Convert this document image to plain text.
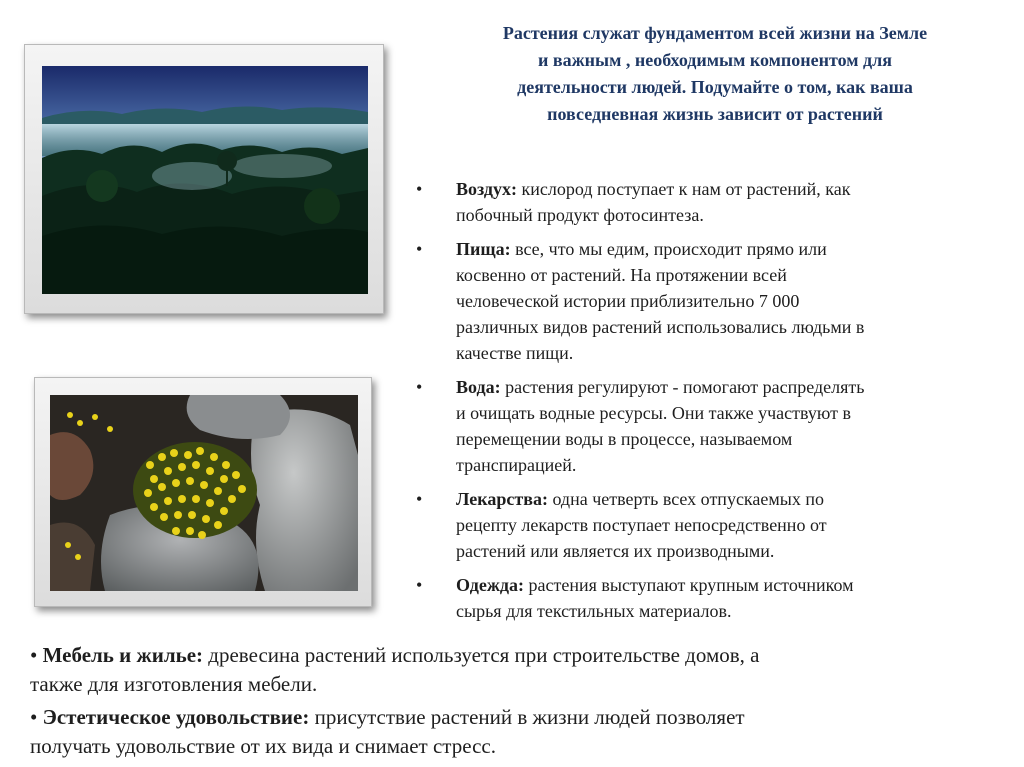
Растения служат фундаментом всей жизни на Земле
и важным , необходимым компонентом для
деятельности людей. Подумайте о том, как ваша
повседневная жизнь зависит от растений
• Воздух: кислород поступает к нам от растений, как
побочный продукт фотосинтеза.
• Пища: все, что мы едим, происходит прямо или
косвенно от растений. На протяжении всей
человеческой истории приблизительно 7 000
различных видов растений использовались людьми в
качестве пищи.
• Вода: растения регулируют - помогают распределять
и очищать водные ресурсы. Они также участвуют в
перемещении воды в процессе, называемом
транспирацией.
• Лекарства: одна четверть всех отпускаемых по
рецепту лекарств поступает непосредственно от
растений или является их производными.
• Одежда: растения выступают крупным источником
сырья для текстильных материалов.
• Мебель и жилье: древесина растений используется при строительстве домов, а
также для изготовления мебели.
• Эстетическое удовольствие: присутствие растений в жизни людей позволяет
получать удовольствие от их вида и снимает стресс.
